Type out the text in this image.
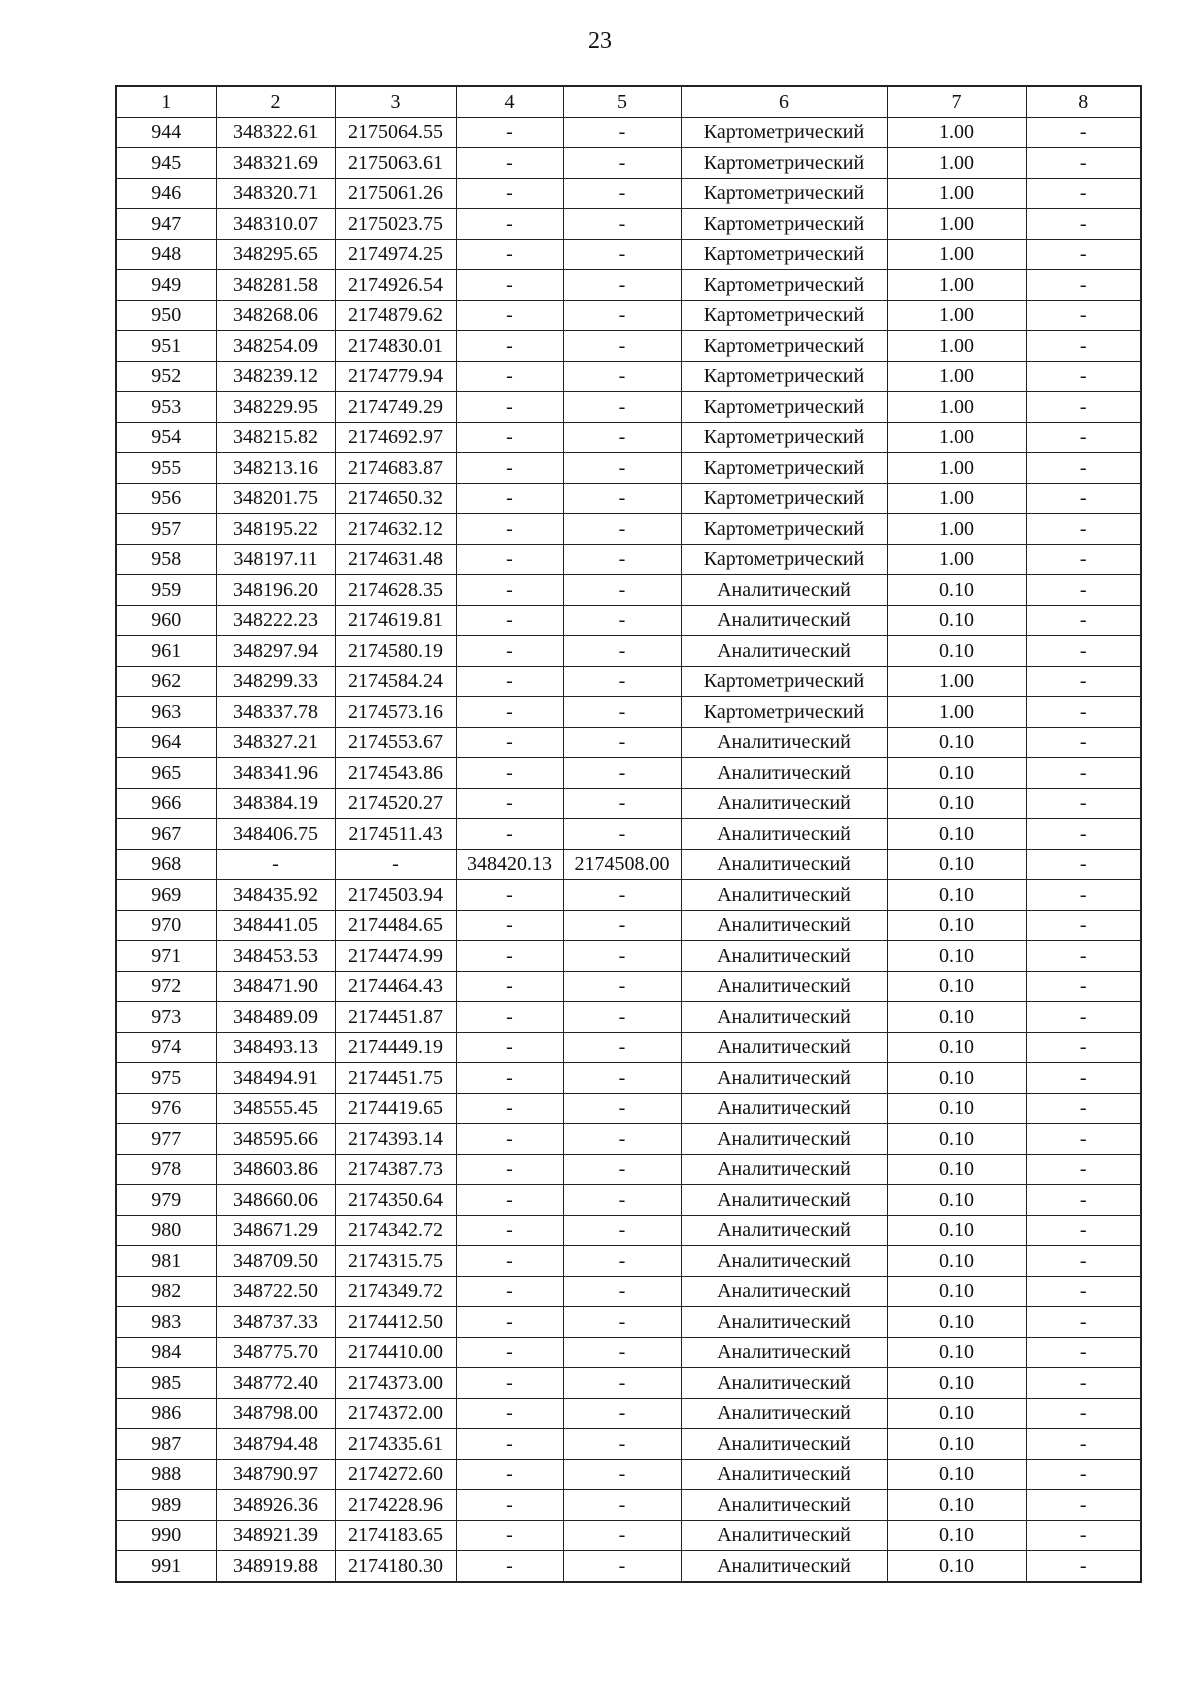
23
1	2	3	4	5	6	7	8
944	348322.61	2175064.55	-	-	Картометрический	1.00	-
945	348321.69	2175063.61	-	-	Картометрический	1.00	-
946	348320.71	2175061.26	-	-	Картометрический	1.00	-
947	348310.07	2175023.75	-	-	Картометрический	1.00	-
948	348295.65	2174974.25	-	-	Картометрический	1.00	-
949	348281.58	2174926.54	-	-	Картометрический	1.00	-
950	348268.06	2174879.62	-	-	Картометрический	1.00	-
951	348254.09	2174830.01	-	-	Картометрический	1.00	-
952	348239.12	2174779.94	-	-	Картометрический	1.00	-
953	348229.95	2174749.29	-	-	Картометрический	1.00	-
954	348215.82	2174692.97	-	-	Картометрический	1.00	-
955	348213.16	2174683.87	-	-	Картометрический	1.00	-
956	348201.75	2174650.32	-	-	Картометрический	1.00	-
957	348195.22	2174632.12	-	-	Картометрический	1.00	-
958	348197.11	2174631.48	-	-	Картометрический	1.00	-
959	348196.20	2174628.35	-	-	Аналитический	0.10	-
960	348222.23	2174619.81	-	-	Аналитический	0.10	-
961	348297.94	2174580.19	-	-	Аналитический	0.10	-
962	348299.33	2174584.24	-	-	Картометрический	1.00	-
963	348337.78	2174573.16	-	-	Картометрический	1.00	-
964	348327.21	2174553.67	-	-	Аналитический	0.10	-
965	348341.96	2174543.86	-	-	Аналитический	0.10	-
966	348384.19	2174520.27	-	-	Аналитический	0.10	-
967	348406.75	2174511.43	-	-	Аналитический	0.10	-
968	-	-	348420.13	2174508.00	Аналитический	0.10	-
969	348435.92	2174503.94	-	-	Аналитический	0.10	-
970	348441.05	2174484.65	-	-	Аналитический	0.10	-
971	348453.53	2174474.99	-	-	Аналитический	0.10	-
972	348471.90	2174464.43	-	-	Аналитический	0.10	-
973	348489.09	2174451.87	-	-	Аналитический	0.10	-
974	348493.13	2174449.19	-	-	Аналитический	0.10	-
975	348494.91	2174451.75	-	-	Аналитический	0.10	-
976	348555.45	2174419.65	-	-	Аналитический	0.10	-
977	348595.66	2174393.14	-	-	Аналитический	0.10	-
978	348603.86	2174387.73	-	-	Аналитический	0.10	-
979	348660.06	2174350.64	-	-	Аналитический	0.10	-
980	348671.29	2174342.72	-	-	Аналитический	0.10	-
981	348709.50	2174315.75	-	-	Аналитический	0.10	-
982	348722.50	2174349.72	-	-	Аналитический	0.10	-
983	348737.33	2174412.50	-	-	Аналитический	0.10	-
984	348775.70	2174410.00	-	-	Аналитический	0.10	-
985	348772.40	2174373.00	-	-	Аналитический	0.10	-
986	348798.00	2174372.00	-	-	Аналитический	0.10	-
987	348794.48	2174335.61	-	-	Аналитический	0.10	-
988	348790.97	2174272.60	-	-	Аналитический	0.10	-
989	348926.36	2174228.96	-	-	Аналитический	0.10	-
990	348921.39	2174183.65	-	-	Аналитический	0.10	-
991	348919.88	2174180.30	-	-	Аналитический	0.10	-
